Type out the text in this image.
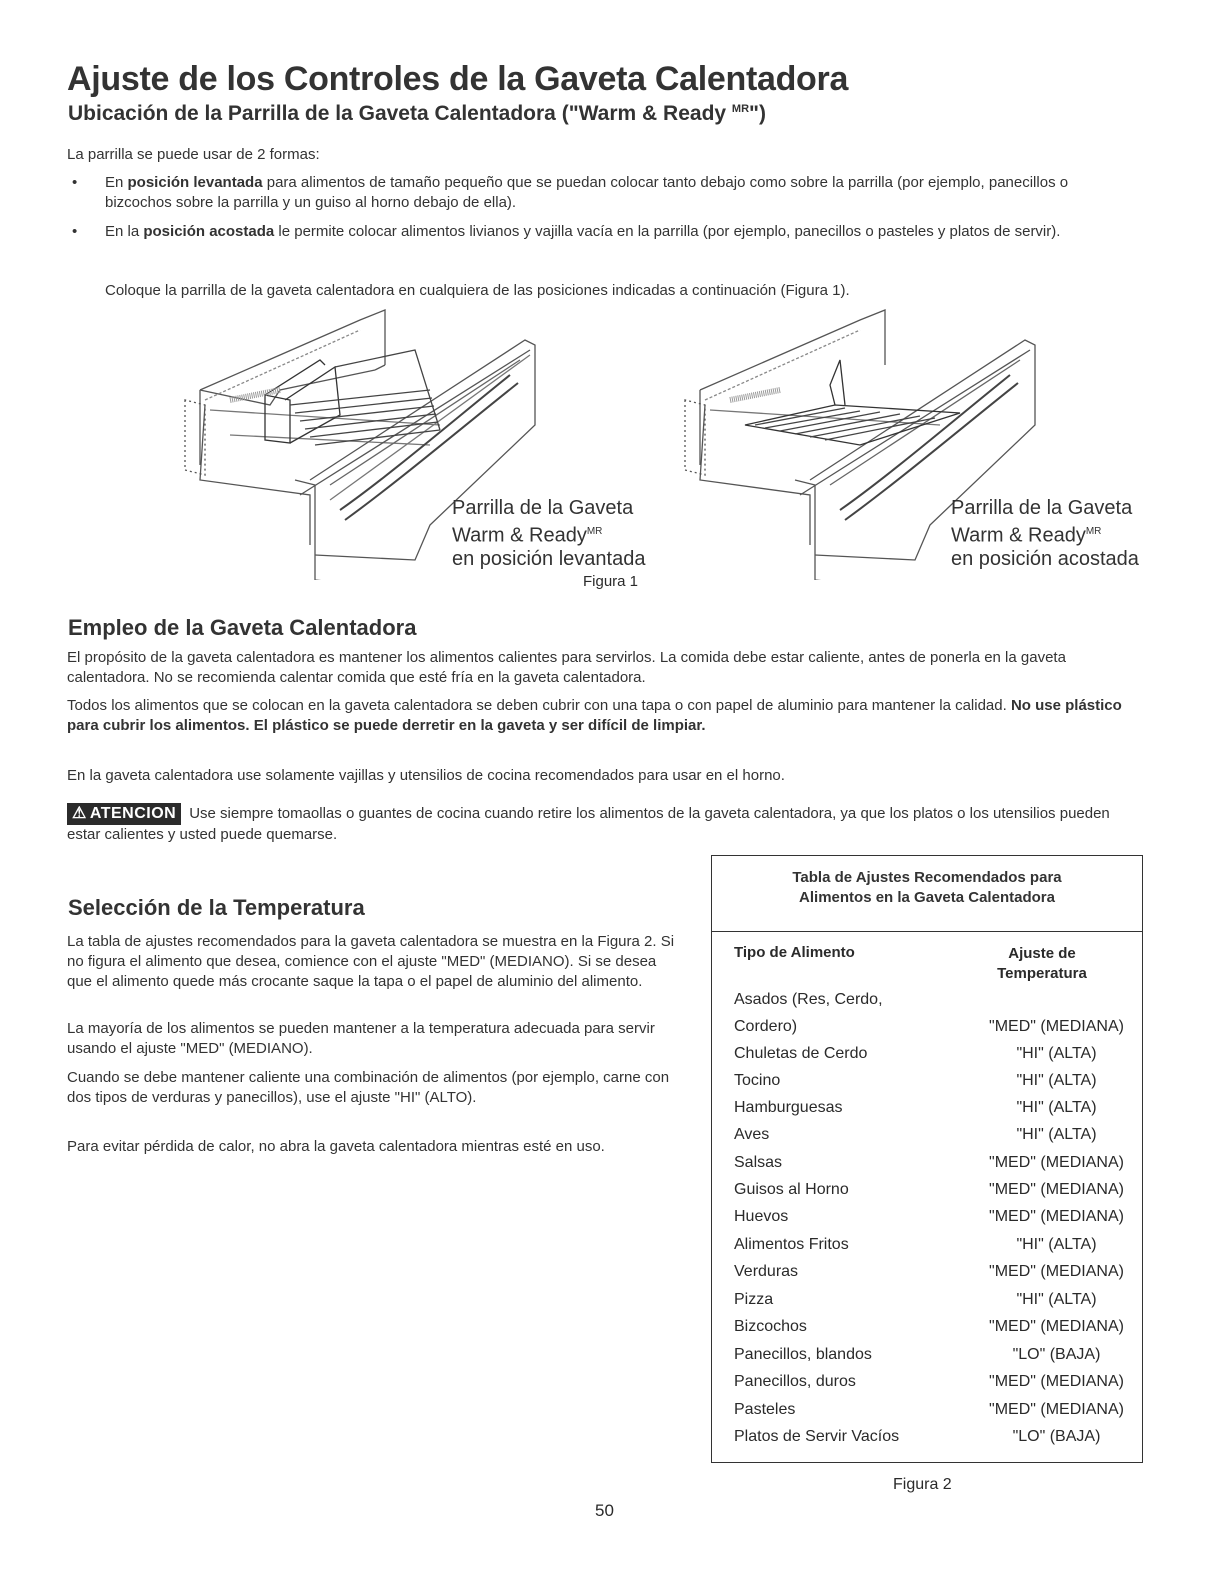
Ajuste de los Controles de la Gaveta Calentadora
Ubicación de la Parrilla de la Gaveta Calentadora ("Warm & Ready $^{MR}$")
La parrilla se puede usar de 2 formas:
• En posición levantada para alimentos de tamaño pequeño que se puedan colocar tanto debajo como sobre la parrilla (por ejemplo, panecillos o bizcochos sobre la parrilla y un guiso al horno debajo de ella).
• En la posición acostada le permite colocar alimentos livianos y vajilla vacía en la parrilla (por ejemplo, panecillos o pasteles y platos de servir).
Coloque la parrilla de la gaveta calentadora en cualquiera de las posiciones indicadas a continuación (Figura 1).
Parrilla de la Gaveta
Warm & Ready$^{MR}$
en posición levantada
Parrilla de la Gaveta
Warm & Ready$^{MR}$
en posición acostada
Figura 1
Empleo de la Gaveta Calentadora
El propósito de la gaveta calentadora es mantener los alimentos calientes para servirlos. La comida debe estar caliente, antes de ponerla en la gaveta calentadora. No se recomienda calentar comida que esté fría en la gaveta calentadora.
Todos los alimentos que se colocan en la gaveta calentadora se deben cubrir con una tapa o con papel de aluminio para mantener la calidad. No use plástico para cubrir los alimentos. El plástico se puede derretir en la gaveta y ser difícil de limpiar.
En la gaveta calentadora use solamente vajillas y utensilios de cocina recomendados para usar en el horno.
⚠ ATENCION Use siempre tomaollas o guantes de cocina cuando retire los alimentos de la gaveta calentadora, ya que los platos o los utensilios pueden estar calientes y usted puede quemarse.
Selección de la Temperatura
La tabla de ajustes recomendados para la gaveta calentadora se muestra en la Figura 2. Si no figura el alimento que desea, comience con el ajuste "MED" (MEDIANO). Si se desea que el alimento quede más crocante saque la tapa o el papel de aluminio del alimento.
La mayoría de los alimentos se pueden mantener a la temperatura adecuada para servir usando el ajuste "MED" (MEDIANO).
Cuando se debe mantener caliente una combinación de alimentos (por ejemplo, carne con dos tipos de verduras y panecillos), use el ajuste "HI" (ALTO).
Para evitar pérdida de calor, no abra la gaveta calentadora mientras esté en uso.
Tabla de Ajustes Recomendados para
Alimentos en la Gaveta Calentadora
Tipo de Alimento	Ajuste de
Temperatura
Asados (Res, Cerdo,
Cordero)	"MED" (MEDIANA)
Chuletas de Cerdo	"HI" (ALTA)
Tocino	"HI" (ALTA)
Hamburguesas	"HI" (ALTA)
Aves	"HI" (ALTA)
Salsas	"MED" (MEDIANA)
Guisos al Horno	"MED" (MEDIANA)
Huevos	"MED" (MEDIANA)
Alimentos Fritos	"HI" (ALTA)
Verduras	"MED" (MEDIANA)
Pizza	"HI" (ALTA)
Bizcochos	"MED" (MEDIANA)
Panecillos, blandos	"LO" (BAJA)
Panecillos, duros	"MED" (MEDIANA)
Pasteles	"MED" (MEDIANA)
Platos de Servir Vacíos	"LO" (BAJA)
Figura 2
50
